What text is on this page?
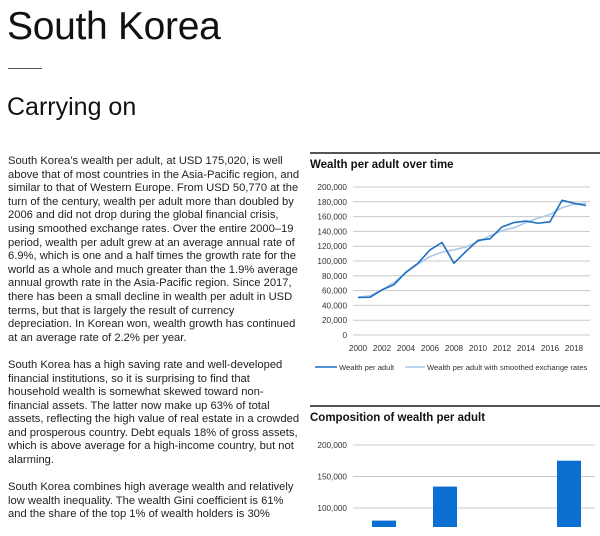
South Korea
Carrying on

South Korea’s wealth per adult, at USD 175,020, is well above that of most countries in the Asia-Pacific region, and similar to that of Western Europe. From USD 50,770 at the turn of the century, wealth per adult more than doubled by 2006 and did not drop during the global financial crisis, using smoothed exchange rates. Over the entire 2000–19 period, wealth per adult grew at an average annual rate of 6.9%, which is one and a half times the growth rate for the world as a whole and much greater than the 1.9% average annual growth rate in the Asia-Pacific region. Since 2017, there has been a small decline in wealth per adult in USD terms, but that is largely the result of currency depreciation. In Korean won, wealth growth has continued at an average rate of 2.2% per year.

South Korea has a high saving rate and well-developed financial institutions, so it is surprising to find that household wealth is somewhat skewed toward non-financial assets. The latter now make up 63% of total assets, reflecting the high value of real estate in a crowded and prosperous country. Debt equals 18% of gross assets, which is above average for a high-income country, but not alarming.

South Korea combines high average wealth and relatively low wealth inequality. The wealth Gini coefficient is 61% and the share of the top 1% of wealth holders is 30%

Wealth per adult over time
0
20,000
40,000
60,000
80,000
100,000
120,000
140,000
160,000
180,000
200,000
2000 2002 2004 2006 2008 2010 2012 2014 2016 2018
Wealth per adult	Wealth per adult with smoothed exchange rates
Composition of wealth per adult
100,000
150,000
200,000
